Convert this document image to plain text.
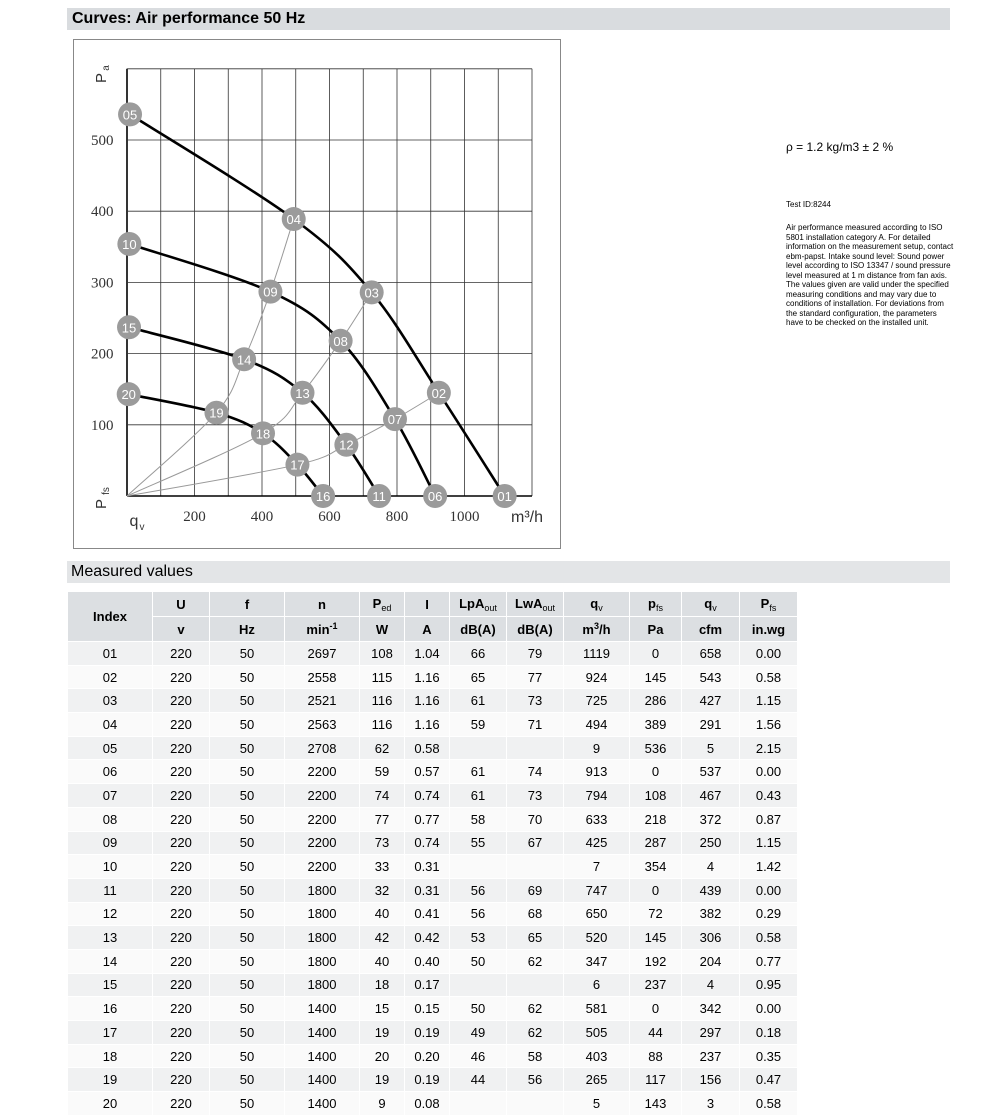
Curves: Air performance 50 Hz
100
200
300
400
500
200	400	600	800	1000
P
a
P
fs
q v
m³/h
01
02
03
04
05
06
07
08
09
10
11
12
13
14
15
16
17
18
19
20
ρ = 1.2 kg/m3 ± 2 %
Test ID:8244
Air performance measured according to ISO 5801 installation category A. For detailed information on the measurement setup, contact ebm-papst. Intake sound level: Sound power level according to ISO 13347 / sound pressure level measured at 1 m distance from fan axis. The values given are valid under the specified measuring conditions and may vary due to conditions of installation. For deviations from the standard configuration, the parameters have to be checked on the installed unit.
Measured values
Index	U	f	n	$P_{ed}$	I	LpA$_{out}$	LwA$_{out}$	$q_v$	$p_{fs}$	$q_v$	$P_{fs}$
	v	Hz	$\min^{-1}$	W	A	dB(A)	dB(A)	$m^3/h$	Pa	cfm	in.wg
01	220	50	2697	108	1.04	66	79	1119	0	658	0.00
02	220	50	2558	115	1.16	65	77	924	145	543	0.58
03	220	50	2521	116	1.16	61	73	725	286	427	1.15
04	220	50	2563	116	1.16	59	71	494	389	291	1.56
05	220	50	2708	62	0.58			9	536	5	2.15
06	220	50	2200	59	0.57	61	74	913	0	537	0.00
07	220	50	2200	74	0.74	61	73	794	108	467	0.43
08	220	50	2200	77	0.77	58	70	633	218	372	0.87
09	220	50	2200	73	0.74	55	67	425	287	250	1.15
10	220	50	2200	33	0.31			7	354	4	1.42
11	220	50	1800	32	0.31	56	69	747	0	439	0.00
12	220	50	1800	40	0.41	56	68	650	72	382	0.29
13	220	50	1800	42	0.42	53	65	520	145	306	0.58
14	220	50	1800	40	0.40	50	62	347	192	204	0.77
15	220	50	1800	18	0.17			6	237	4	0.95
16	220	50	1400	15	0.15	50	62	581	0	342	0.00
17	220	50	1400	19	0.19	49	62	505	44	297	0.18
18	220	50	1400	20	0.20	46	58	403	88	237	0.35
19	220	50	1400	19	0.19	44	56	265	117	156	0.47
20	220	50	1400	9	0.08			5	143	3	0.58
